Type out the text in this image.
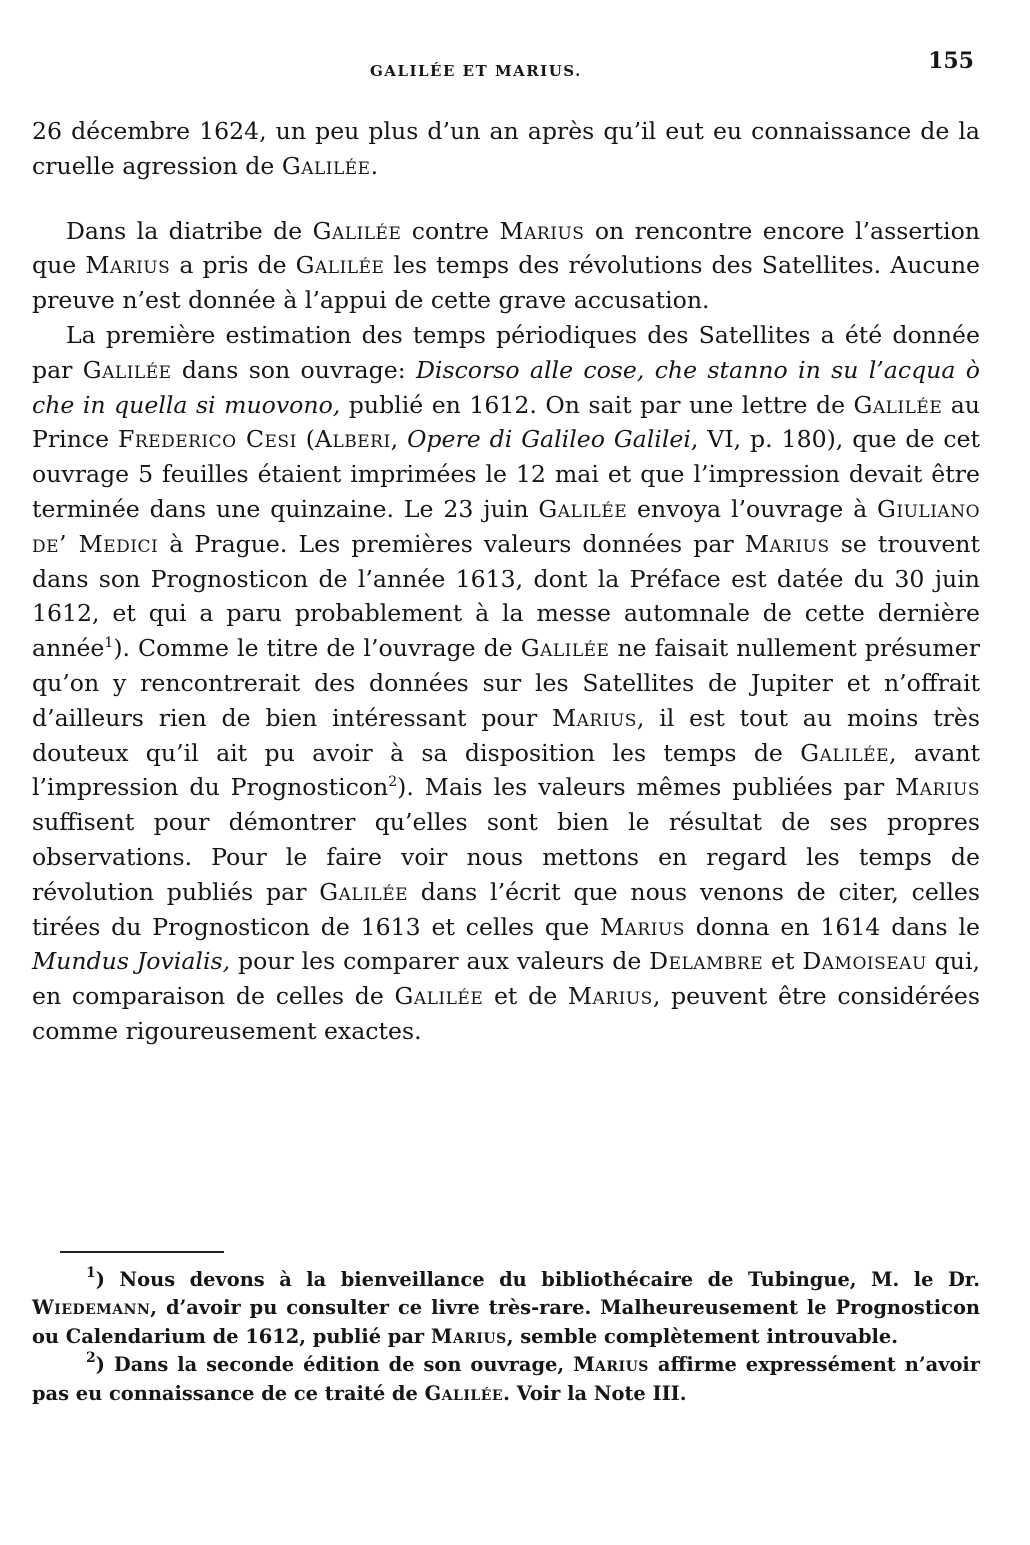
GALILÉE ET MARIUS.	155

26 décembre 1624, un peu plus d’un an après qu’il eut eu connaissance de la cruelle agression de Galilée.

Dans la diatribe de Galilée contre Marius on rencontre encore l’assertion que Marius a pris de Galilée les temps des révolutions des Satellites. Aucune preuve n’est donnée à l’appui de cette grave accusation.

La première estimation des temps périodiques des Satellites a été donnée par Galilée dans son ouvrage: Discorso alle cose, che stanno in su l’acqua ò che in quella si muovono, publié en 1612. On sait par une lettre de Galilée au Prince Frederico Cesi (Alberi, Opere di Galileo Galilei, VI, p. 180), que de cet ouvrage 5 feuilles étaient imprimées le 12 mai et que l’impression devait être terminée dans une quinzaine. Le 23 juin Galilée envoya l’ouvrage à Giuliano de’ Medici à Prague. Les premières valeurs données par Marius se trouvent dans son Prognosticon de l’année 1613, dont la Préface est datée du 30 juin 1612, et qui a paru probablement à la messe automnale de cette dernière année$^1$). Comme le titre de l’ouvrage de Galilée ne faisait nullement présumer qu’on y rencontrerait des données sur les Satellites de Jupiter et n’offrait d’ailleurs rien de bien intéressant pour Marius, il est tout au moins très douteux qu’il ait pu avoir à sa disposition les temps de Galilée, avant l’impression du Prognosticon$^2$). Mais les valeurs mêmes publiées par Marius suffisent pour démontrer qu’elles sont bien le résultat de ses propres observations. Pour le faire voir nous mettons en regard les temps de révolution publiés par Galilée dans l’écrit que nous venons de citer, celles tirées du Prognosticon de 1613 et celles que Marius donna en 1614 dans le Mundus Jovialis, pour les comparer aux valeurs de Delambre et Damoiseau qui, en comparaison de celles de Galilée et de Marius, peuvent être considérées comme rigoureusement exactes.

$^1$) Nous devons à la bienveillance du bibliothécaire de Tubingue, M. le Dr. Wiedemann, d’avoir pu consulter ce livre très-rare. Malheureusement le Prognosticon ou Calendarium de 1612, publié par Marius, semble complètement introuvable.

$^2$) Dans la seconde édition de son ouvrage, Marius affirme expressément n’avoir pas eu connaissance de ce traité de Galilée. Voir la Note III.
